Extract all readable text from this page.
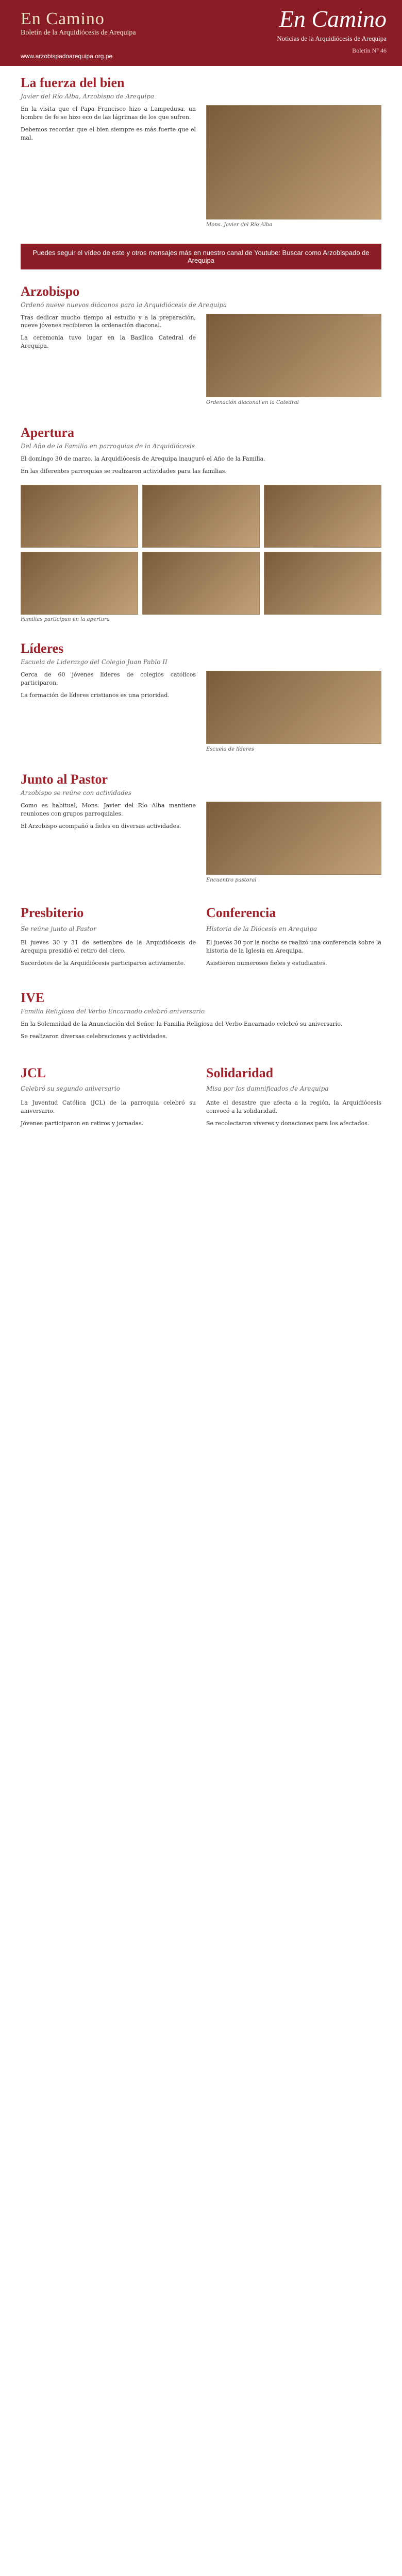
En Camino
Boletín de la Arquidiócesis de Arequipa
En Camino
Noticias de la Arquidiócesis de Arequipa
Boletín N° 46
www.arzobispadoarequipa.org.pe
La fuerza del bien
Javier del Río Alba, Arzobispo de Arequipa

En la visita que el Papa Francisco hizo a Lampedusa, un hombre de fe se hizo eco de las lágrimas de los que sufren.

Debemos recordar que el bien siempre es más fuerte que el mal.

Mons. Javier del Río Alba
Puedes seguir el vídeo de este y otros mensajes más en nuestro canal de Youtube: Buscar como Arzobispado de Arequipa
Arzobispo
Ordenó nueve nuevos diáconos para la Arquidiócesis de Arequipa

Tras dedicar mucho tiempo al estudio y a la preparación, nueve jóvenes recibieron la ordenación diaconal.

La ceremonia tuvo lugar en la Basílica Catedral de Arequipa.

Ordenación diaconal en la Catedral
Apertura
Del Año de la Familia en parroquias de la Arquidiócesis

El domingo 30 de marzo, la Arquidiócesis de Arequipa inauguró el Año de la Familia.

En las diferentes parroquias se realizaron actividades para las familias.

Familias participan en la apertura
Líderes
Escuela de Liderazgo del Colegio Juan Pablo II

Cerca de 60 jóvenes líderes de colegios católicos participaron.

La formación de líderes cristianos es una prioridad.

Escuela de líderes
Junto al Pastor
Arzobispo se reúne con actividades

Como es habitual, Mons. Javier del Río Alba mantiene reuniones con grupos parroquiales.

El Arzobispo acompañó a fieles en diversas actividades.

Encuentro pastoral
Presbiterio
Se reúne junto al Pastor

El jueves 30 y 31 de setiembre de la Arquidiócesis de Arequipa presidió el retiro del clero.

Sacerdotes de la Arquidiócesis participaron activamente.

Conferencia
Historia de la Diócesis en Arequipa

El jueves 30 por la noche se realizó una conferencia sobre la historia de la Iglesia en Arequipa.

Asistieron numerosos fieles y estudiantes.

IVE
Familia Religiosa del Verbo Encarnado celebró aniversario

En la Solemnidad de la Anunciación del Señor, la Familia Religiosa del Verbo Encarnado celebró su aniversario.

Se realizaron diversas celebraciones y actividades.

JCL
Celebró su segundo aniversario

La Juventud Católica (JCL) de la parroquia celebró su aniversario.

Jóvenes participaron en retiros y jornadas.

Solidaridad
Misa por los damnificados de Arequipa

Ante el desastre que afecta a la región, la Arquidiócesis convocó a la solidaridad.

Se recolectaron víveres y donaciones para los afectados.
